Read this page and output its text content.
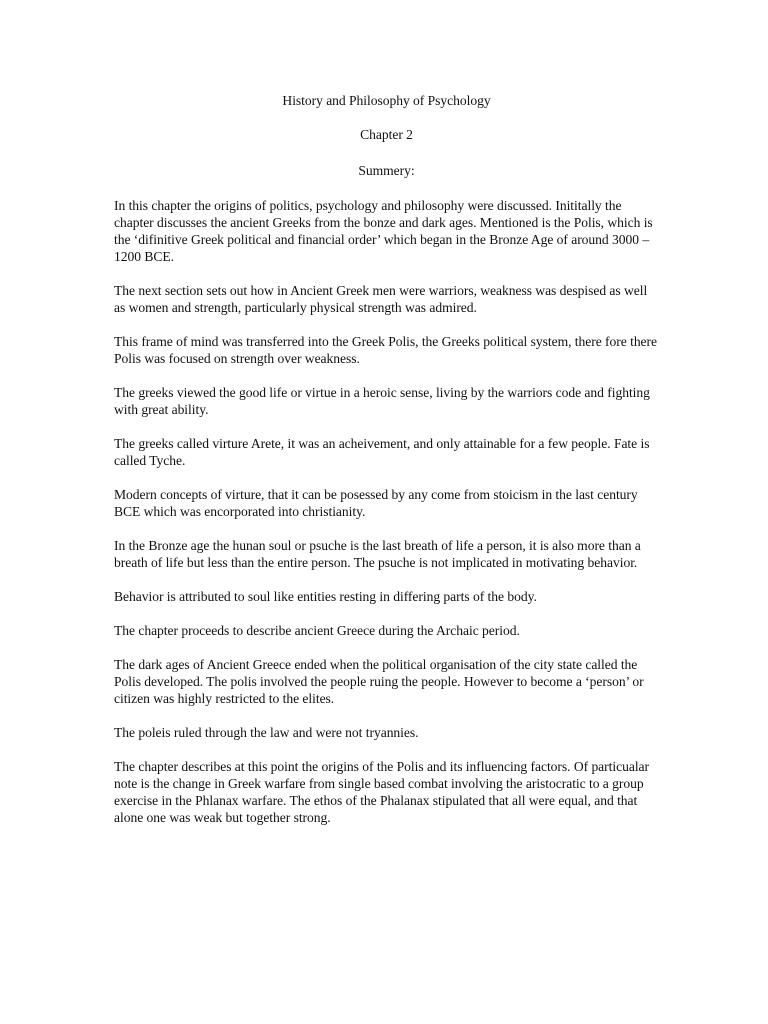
History and Philosophy of Psychology

Chapter 2

Summery:

In this chapter the origins of politics, psychology and philosophy were discussed. Inititally the chapter discusses the ancient Greeks from the bonze and dark ages. Mentioned is the Polis, which is the ‘difinitive Greek political and financial order’ which began in the Bronze Age of around 3000 – 1200 BCE.

The next section sets out how in Ancient Greek men were warriors, weakness was despised as well as women and strength, particularly physical strength was admired.

This frame of mind was transferred into the Greek Polis, the Greeks political system, there fore there Polis was focused on strength over weakness.

The greeks viewed the good life or virtue in a heroic sense, living by the warriors code and fighting with great ability.

The greeks called virture Arete, it was an acheivement, and only attainable for a few people. Fate is called Tyche.

Modern concepts of virture, that it can be posessed by any come from stoicism in the last century BCE which was encorporated into christianity.

In the Bronze age the hunan soul or psuche is the last breath of life a person, it is also more than a breath of life but less than the entire person. The psuche is not implicated in motivating behavior.

Behavior is attributed to soul like entities resting in differing parts of the body.

The chapter proceeds to describe ancient Greece during the Archaic period.

The dark ages of Ancient Greece ended when the political organisation of the city state called the Polis developed. The polis involved the people ruing the people. However to become a ‘person’ or citizen was highly restricted to the elites.

The poleis ruled through the law and were not tryannies.

The chapter describes at this point the origins of the Polis and its influencing factors. Of particualar note is the change in Greek warfare from single based combat involving the aristocratic to a group exercise in the Phlanax warfare. The ethos of the Phalanax stipulated that all were equal, and that alone one was weak but together strong.
